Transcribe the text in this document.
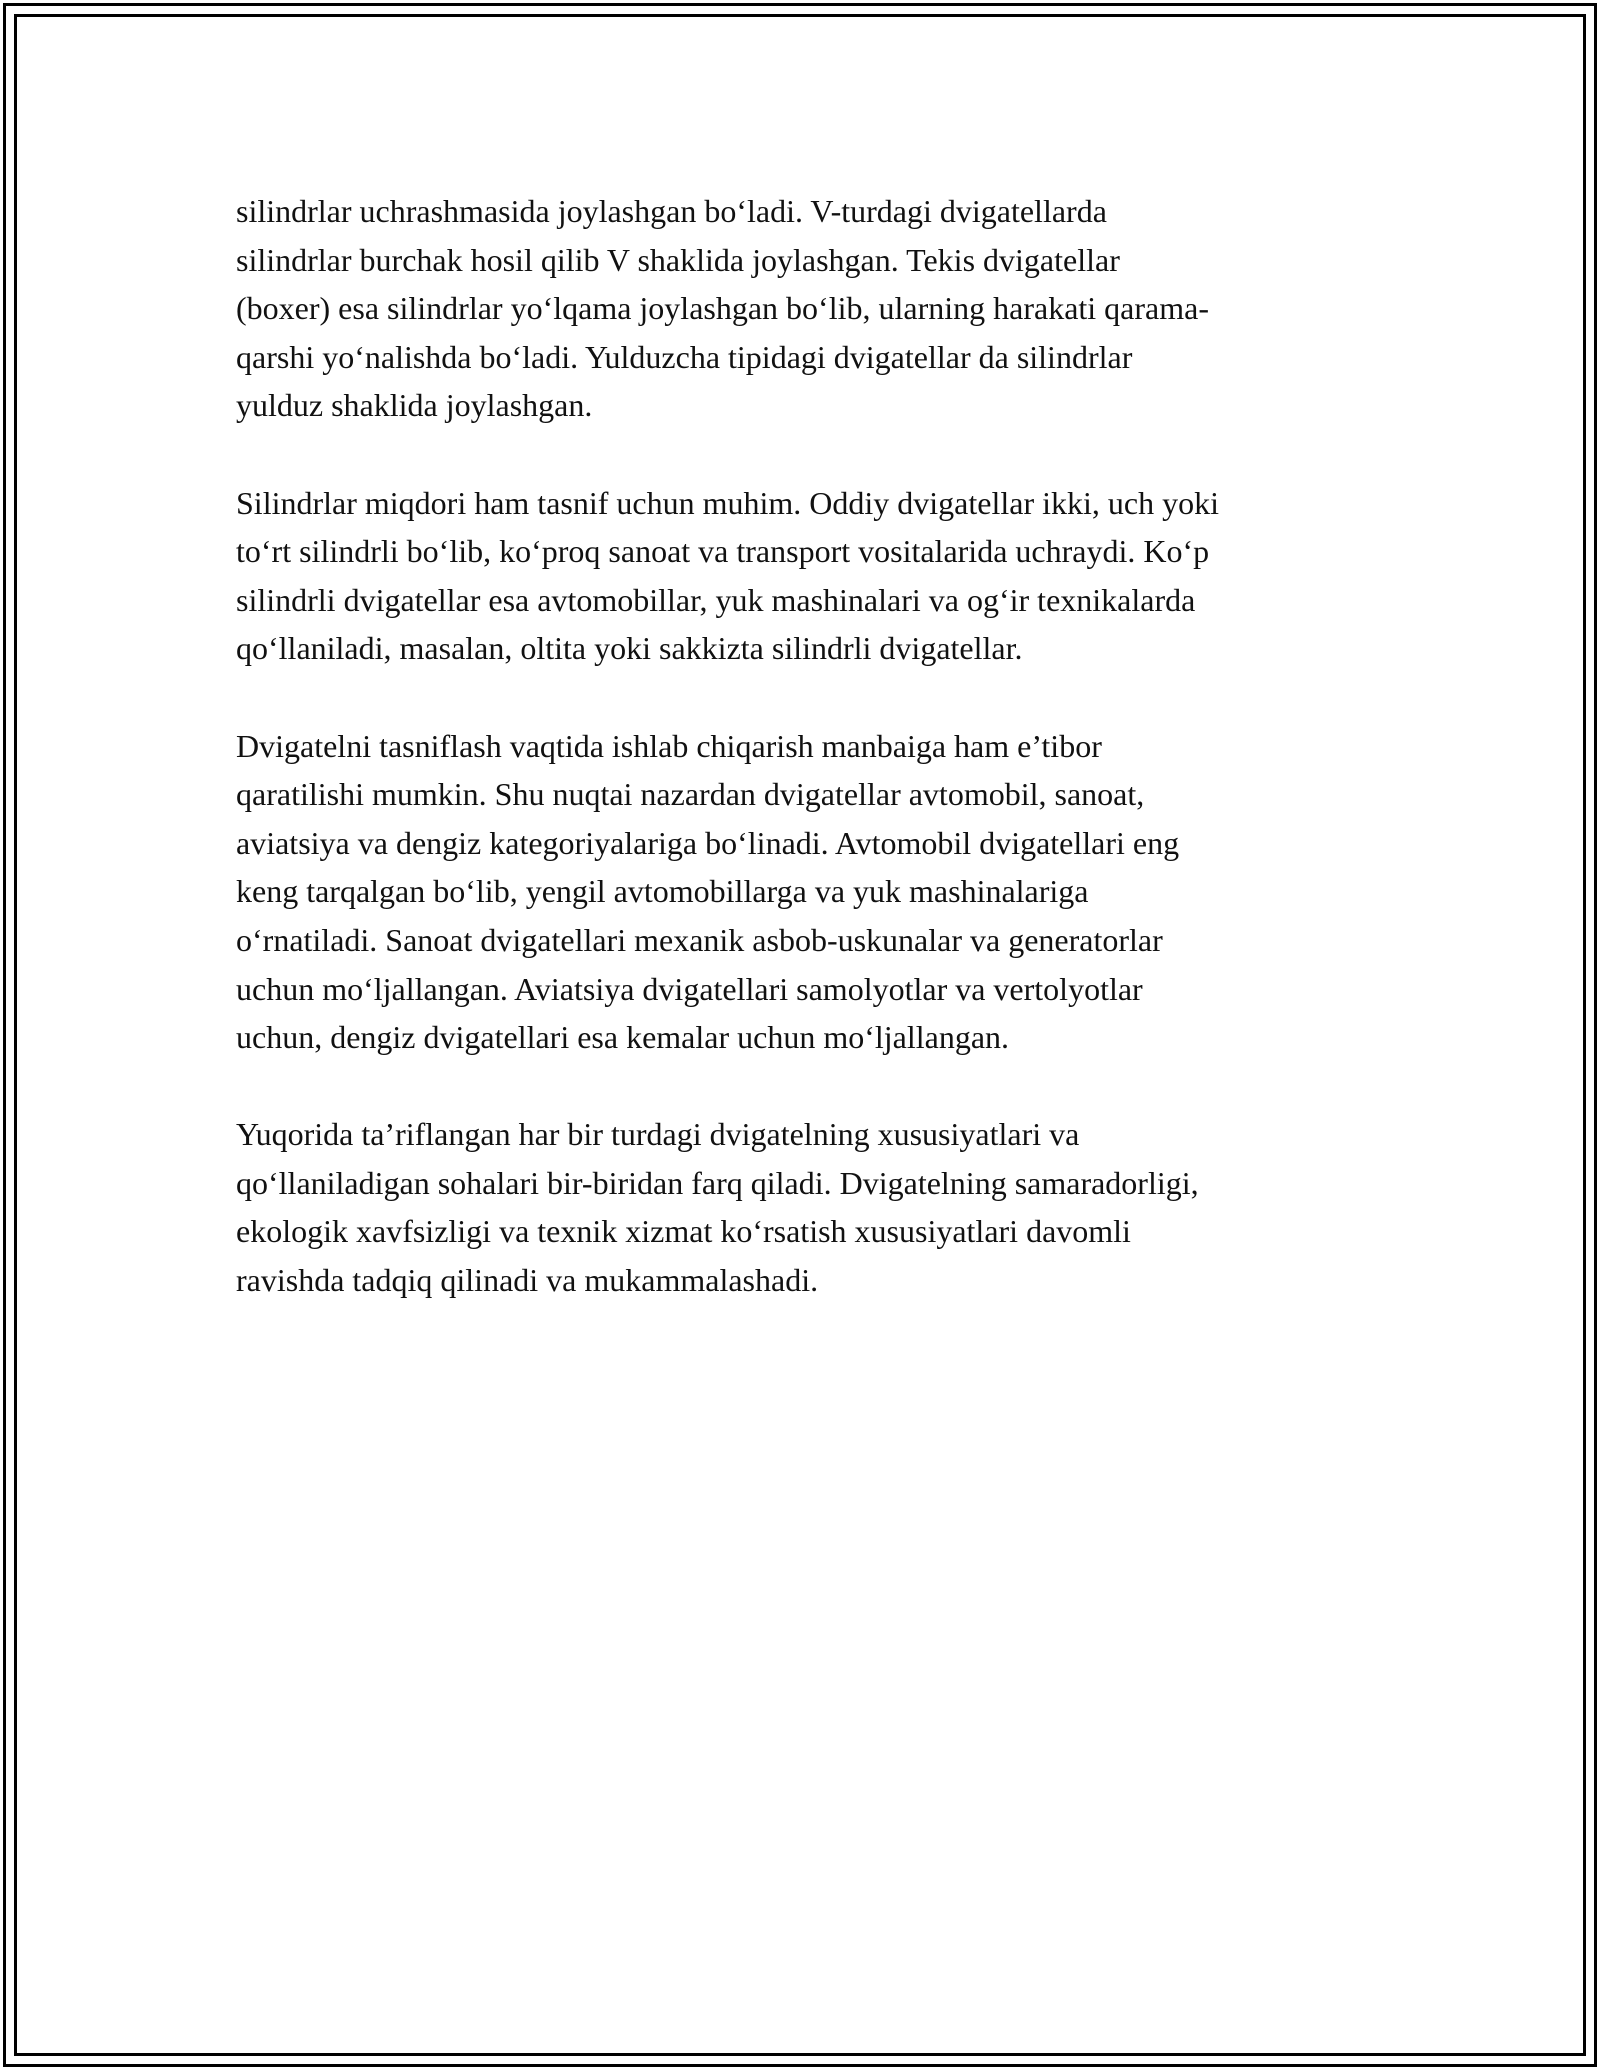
silindrlar uchrashmasida joylashgan bo‘ladi. V-turdagi dvigatellarda
silindrlar burchak hosil qilib V shaklida joylashgan. Tekis dvigatellar
(boxer) esa silindrlar yo‘lqama joylashgan bo‘lib, ularning harakati qarama-
qarshi yo‘nalishda bo‘ladi. Yulduzcha tipidagi dvigatellar da silindrlar
yulduz shaklida joylashgan.

Silindrlar miqdori ham tasnif uchun muhim. Oddiy dvigatellar ikki, uch yoki
to‘rt silindrli bo‘lib, ko‘proq sanoat va transport vositalarida uchraydi. Ko‘p
silindrli dvigatellar esa avtomobillar, yuk mashinalari va og‘ir texnikalarda
qo‘llaniladi, masalan, oltita yoki sakkizta silindrli dvigatellar.

Dvigatelni tasniflash vaqtida ishlab chiqarish manbaiga ham e’tibor
qaratilishi mumkin. Shu nuqtai nazardan dvigatellar avtomobil, sanoat,
aviatsiya va dengiz kategoriyalariga bo‘linadi. Avtomobil dvigatellari eng
keng tarqalgan bo‘lib, yengil avtomobillarga va yuk mashinalariga
o‘rnatiladi. Sanoat dvigatellari mexanik asbob-uskunalar va generatorlar
uchun mo‘ljallangan. Aviatsiya dvigatellari samolyotlar va vertolyotlar
uchun, dengiz dvigatellari esa kemalar uchun mo‘ljallangan.

Yuqorida ta’riflangan har bir turdagi dvigatelning xususiyatlari va
qo‘llaniladigan sohalari bir-biridan farq qiladi. Dvigatelning samaradorligi,
ekologik xavfsizligi va texnik xizmat ko‘rsatish xususiyatlari davomli
ravishda tadqiq qilinadi va mukammalashadi.
